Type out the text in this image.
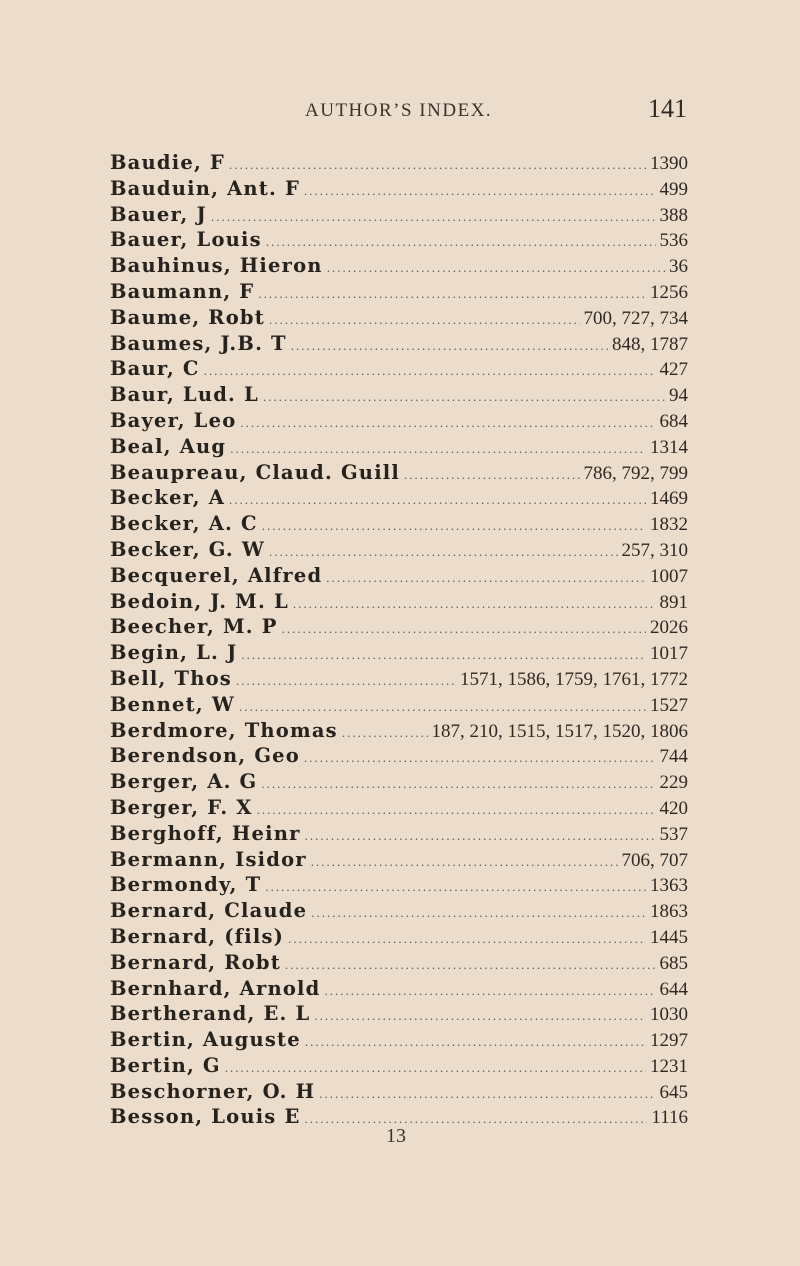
AUTHOR’S INDEX.	141
Baudie, F .....	1390
Bauduin, Ant. F .....	499
Bauer, J .....	388
Bauer, Louis .....	536
Bauhinus, Hieron .....	36
Baumann, F .....	1256
Baume, Robt .....	700, 727, 734
Baumes, J.B. T .....	848, 1787
Baur, C .....	427
Baur, Lud. L .....	94
Bayer, Leo .....	684
Beal, Aug .....	1314
Beaupreau, Claud. Guill .....	786, 792, 799
Becker, A .....	1469
Becker, A. C .....	1832
Becker, G. W .....	257, 310
Becquerel, Alfred .....	1007
Bedoin, J. M. L .....	891
Beecher, M. P .....	2026
Begin, L. J .....	1017
Bell, Thos .....	1571, 1586, 1759, 1761, 1772
Bennet, W .....	1527
Berdmore, Thomas .....	187, 210, 1515, 1517, 1520, 1806
Berendson, Geo .....	744
Berger, A. G .....	229
Berger, F. X .....	420
Berghoff, Heinr .....	537
Bermann, Isidor .....	706, 707
Bermondy, T .....	1363
Bernard, Claude .....	1863
Bernard, (fils) .....	1445
Bernard, Robt .....	685
Bernhard, Arnold .....	644
Bertherand, E. L .....	1030
Bertin, Auguste .....	1297
Bertin, G .....	1231
Beschorner, O. H .....	645
Besson, Louis E .....	1116
13
